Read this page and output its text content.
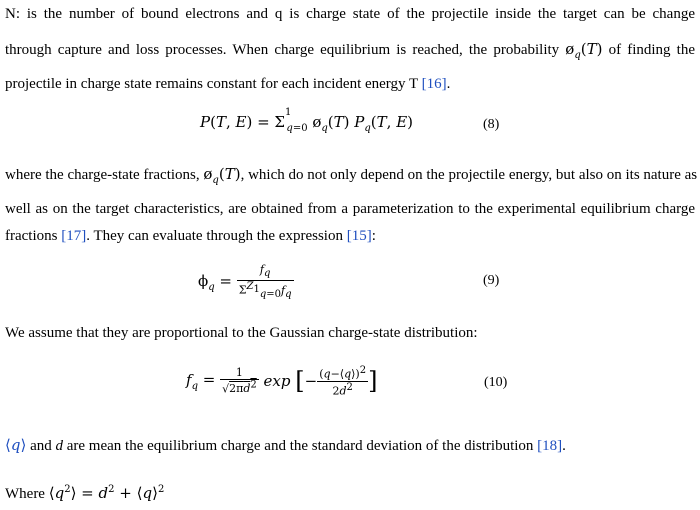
N: is the number of bound electrons and q is charge state of the projectile inside the target can be change
through capture and loss processes. When charge equilibrium is reached, the probability $ø_q(T)$ of finding the
projectile in charge state remains constant for each incident energy T [16].
P(T, $E) = \Sigma^1_{q=0}$ $ø_q(T)$ $P_q(T$, E)	(8)
where the charge-state fractions, $ø_q(T)$, which do not only depend on the projectile energy, but also on its nature as
well as on the target characteristics, are obtained from a parameterization to the experimental equilibrium charge
fractions [17]. They can evaluate through the expression [15]:
$\phi_q = \frac{f_q}{\Sigma^{Z_1}_{q=0}f_q}$	(9)
We assume that they are proportional to the Gaussian charge-state distribution:
$f_q = \frac{1}{√2\pi d^2}$ exp [− $\frac{(q-⟨q⟩)^2}{2d^2}$ ]	(10)
⟨q⟩ and d are mean the equilibrium charge and the standard deviation of the distribution [18].
Where $⟨q^2⟩ = d^2$ + ⟨q⟩$^2$
